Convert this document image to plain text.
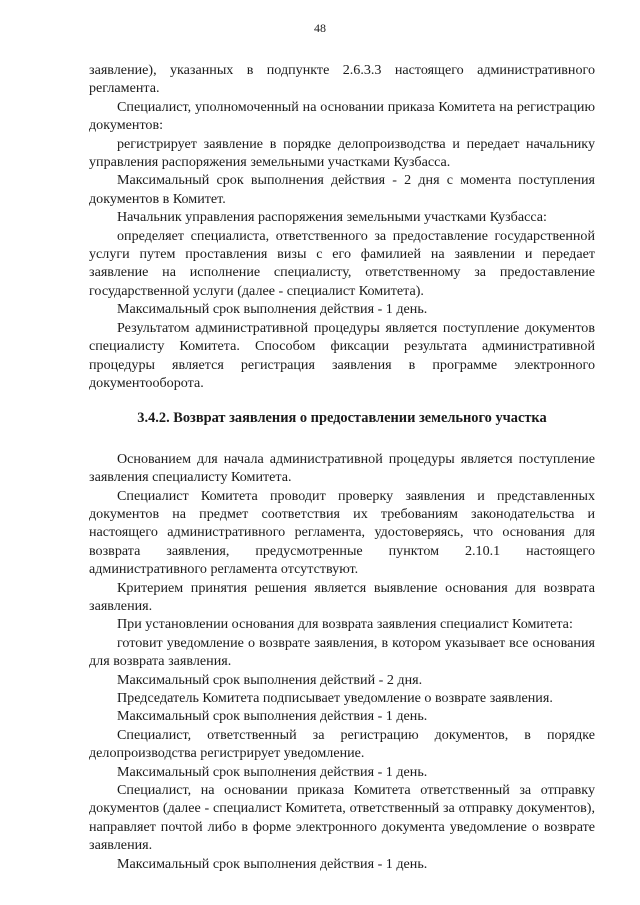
48

заявление), указанных в подпункте 2.6.3.3 настоящего административного регламента.

Специалист, уполномоченный на основании приказа Комитета на регистрацию документов:

регистрирует заявление в порядке делопроизводства и передает начальнику управления распоряжения земельными участками Кузбасса.

Максимальный срок выполнения действия - 2 дня с момента поступления документов в Комитет.

Начальник управления распоряжения земельными участками Кузбасса:

определяет специалиста, ответственного за предоставление государственной услуги путем проставления визы с его фамилией на заявлении и передает заявление на исполнение специалисту, ответственному за предоставление государственной услуги (далее - специалист Комитета).

Максимальный срок выполнения действия - 1 день.

Результатом административной процедуры является поступление документов специалисту Комитета. Способом фиксации результата административной процедуры является регистрация заявления в программе электронного документооборота.

3.4.2. Возврат заявления о предоставлении земельного участка

Основанием для начала административной процедуры является поступление заявления специалисту Комитета.

Специалист Комитета проводит проверку заявления и представленных документов на предмет соответствия их требованиям законодательства и настоящего административного регламента, удостоверяясь, что основания для возврата заявления, предусмотренные пунктом 2.10.1 настоящего административного регламента отсутствуют.

Критерием принятия решения является выявление основания для возврата заявления.

При установлении основания для возврата заявления специалист Комитета:

готовит уведомление о возврате заявления, в котором указывает все основания для возврата заявления.

Максимальный срок выполнения действий - 2 дня.

Председатель Комитета подписывает уведомление о возврате заявления.

Максимальный срок выполнения действия - 1 день.

Специалист, ответственный за регистрацию документов, в порядке делопроизводства регистрирует уведомление.

Максимальный срок выполнения действия - 1 день.

Специалист, на основании приказа Комитета ответственный за отправку документов (далее - специалист Комитета, ответственный за отправку документов), направляет почтой либо в форме электронного документа уведомление о возврате заявления.

Максимальный срок выполнения действия - 1 день.
